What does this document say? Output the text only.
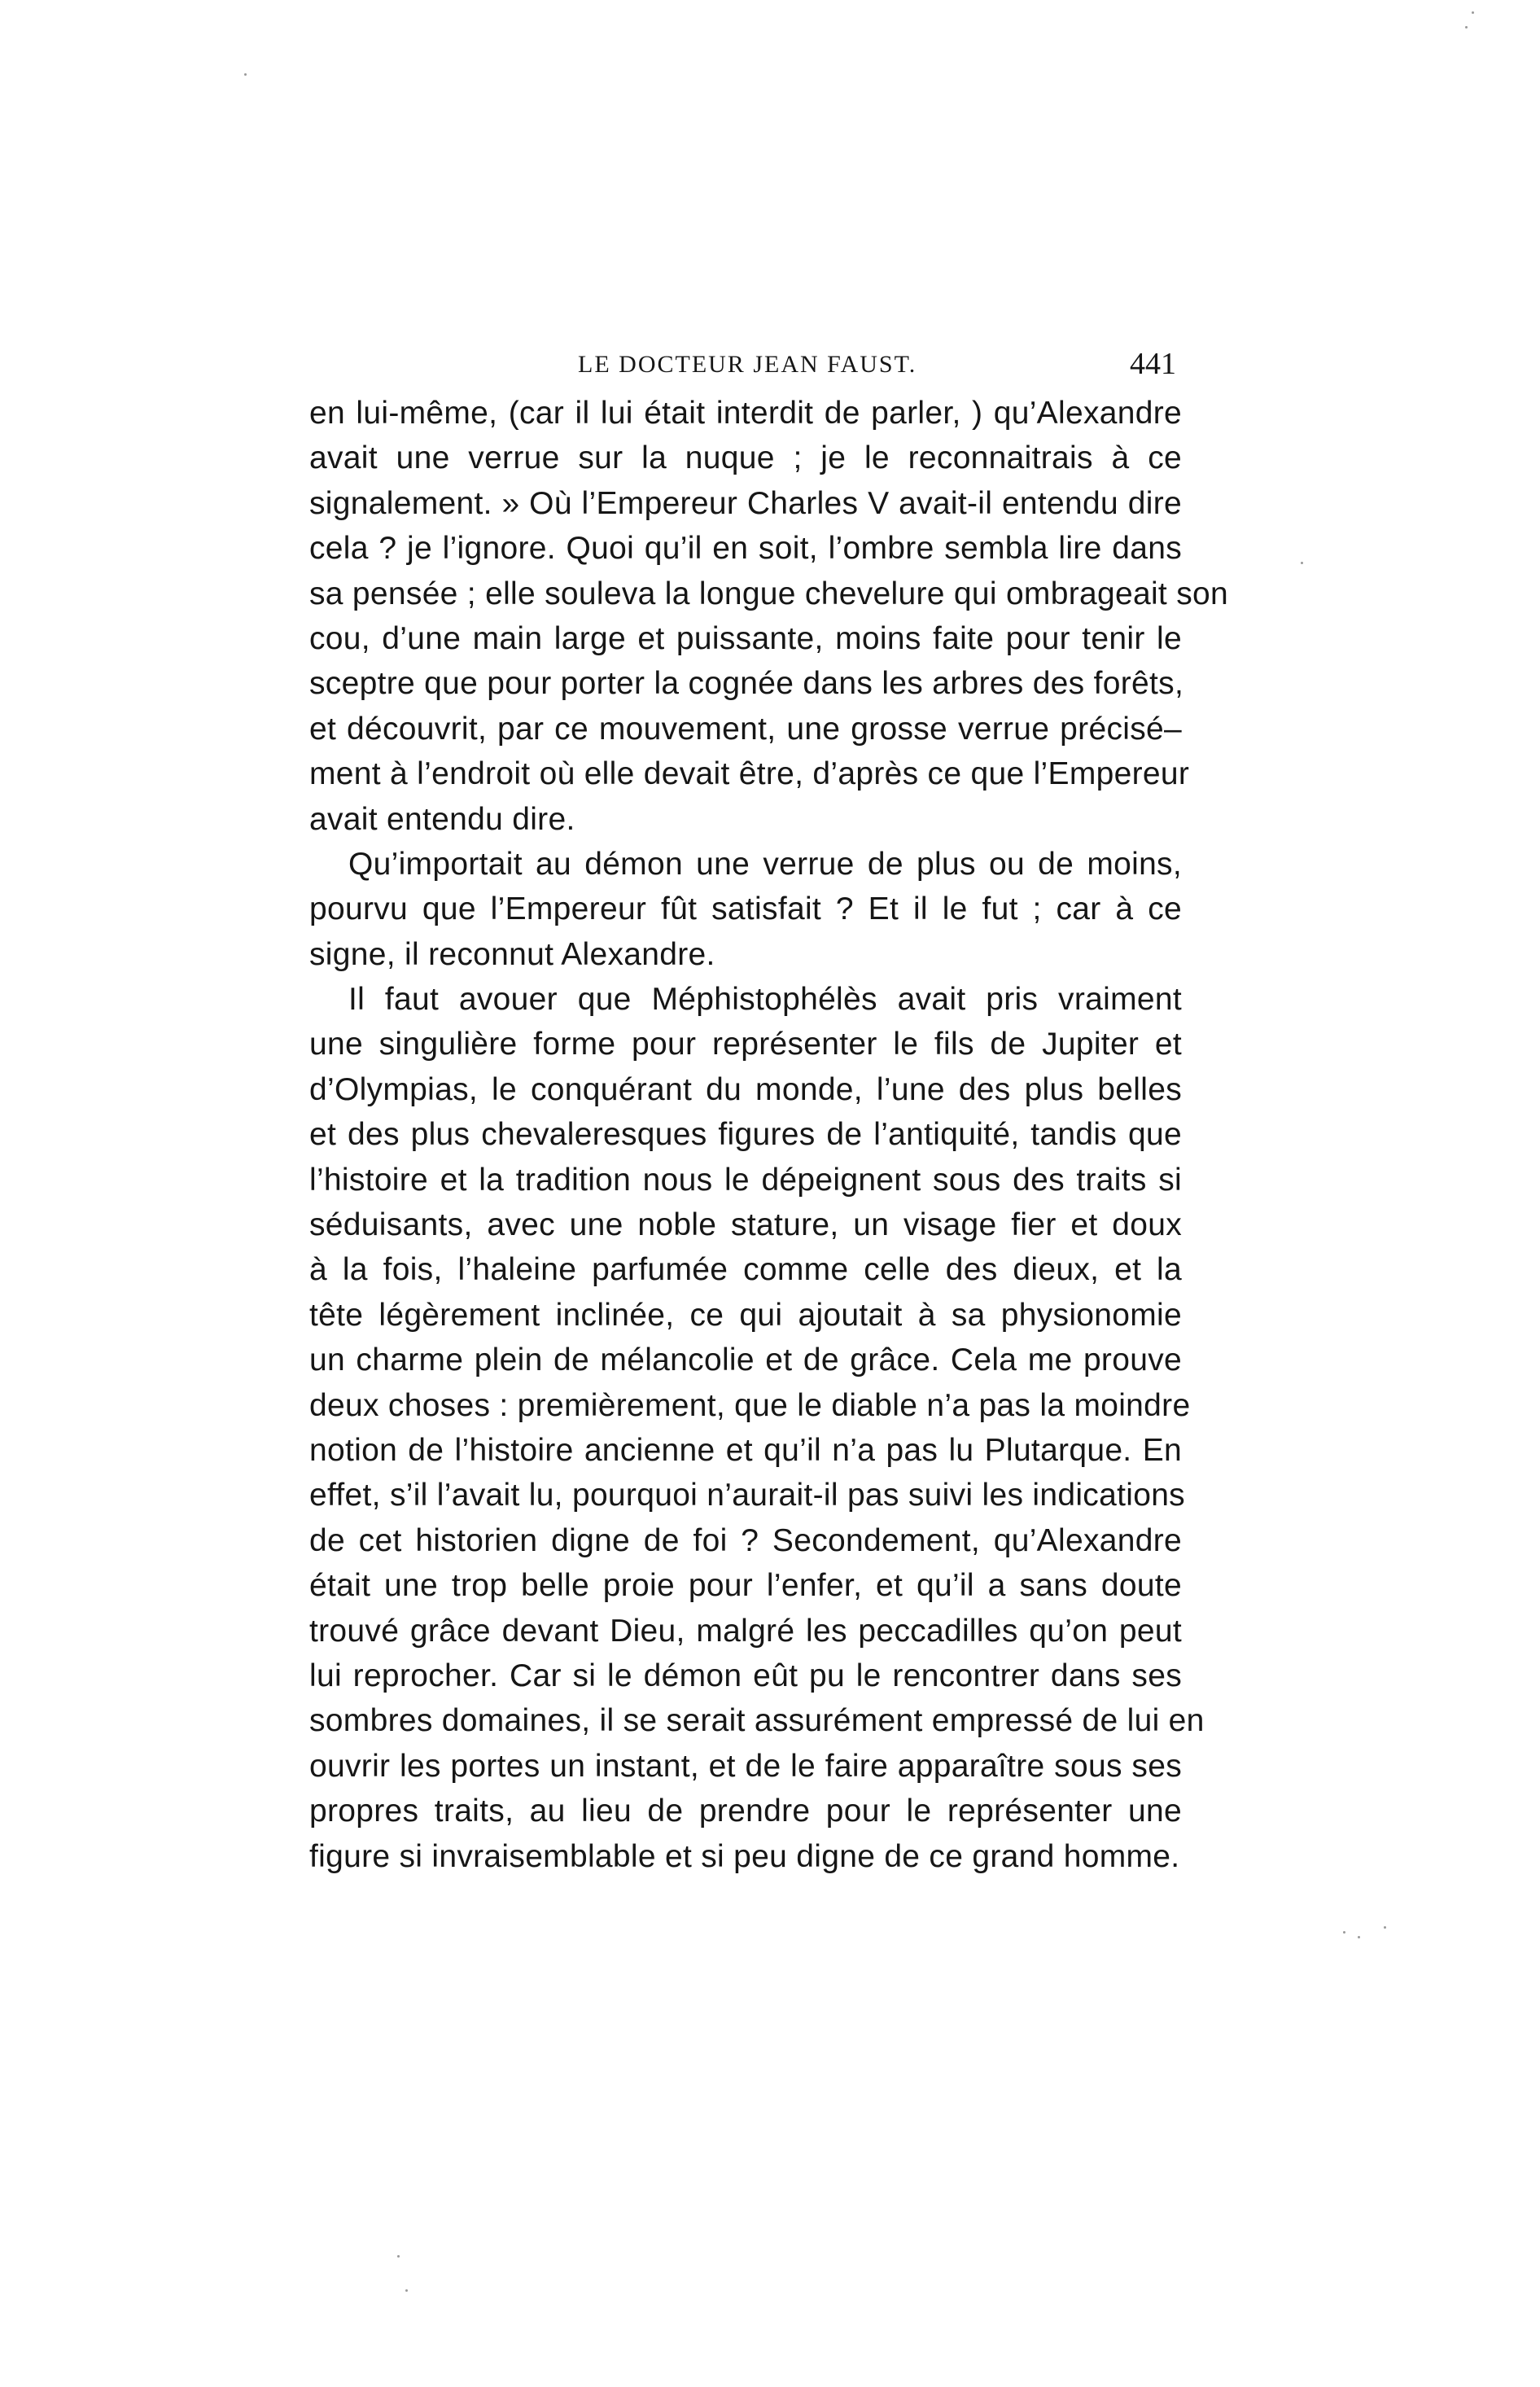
LE DOCTEUR JEAN FAUST.	441

en lui-même, (car il lui était interdit de parler, ) qu’Alexandre
avait une verrue sur la nuque ; je le reconnaitrais à ce
signalement. » Où l’Empereur Charles V avait-il entendu dire
cela ? je l’ignore. Quoi qu’il en soit, l’ombre sembla lire dans
sa pensée ; elle souleva la longue chevelure qui ombrageait son
cou, d’une main large et puissante, moins faite pour tenir le
sceptre que pour porter la cognée dans les arbres des forêts,
et découvrit, par ce mouvement, une grosse verrue précisé–
ment à l’endroit où elle devait être, d’après ce que l’Empereur
avait entendu dire.

Qu’importait au démon une verrue de plus ou de moins,
pourvu que l’Empereur fût satisfait ? Et il le fut ; car à ce
signe, il reconnut Alexandre.

Il faut avouer que Méphistophélès avait pris vraiment
une singulière forme pour représenter le fils de Jupiter et
d’Olympias, le conquérant du monde, l’une des plus belles
et des plus chevaleresques figures de l’antiquité, tandis que
l’histoire et la tradition nous le dépeignent sous des traits si
séduisants, avec une noble stature, un visage fier et doux
à la fois, l’haleine parfumée comme celle des dieux, et la
tête légèrement inclinée, ce qui ajoutait à sa physionomie
un charme plein de mélancolie et de grâce. Cela me prouve
deux choses : premièrement, que le diable n’a pas la moindre
notion de l’histoire ancienne et qu’il n’a pas lu Plutarque. En
effet, s’il l’avait lu, pourquoi n’aurait-il pas suivi les indications
de cet historien digne de foi ? Secondement, qu’Alexandre
était une trop belle proie pour l’enfer, et qu’il a sans doute
trouvé grâce devant Dieu, malgré les peccadilles qu’on peut
lui reprocher. Car si le démon eût pu le rencontrer dans ses
sombres domaines, il se serait assurément empressé de lui en
ouvrir les portes un instant, et de le faire apparaître sous ses
propres traits, au lieu de prendre pour le représenter une
figure si invraisemblable et si peu digne de ce grand homme.
